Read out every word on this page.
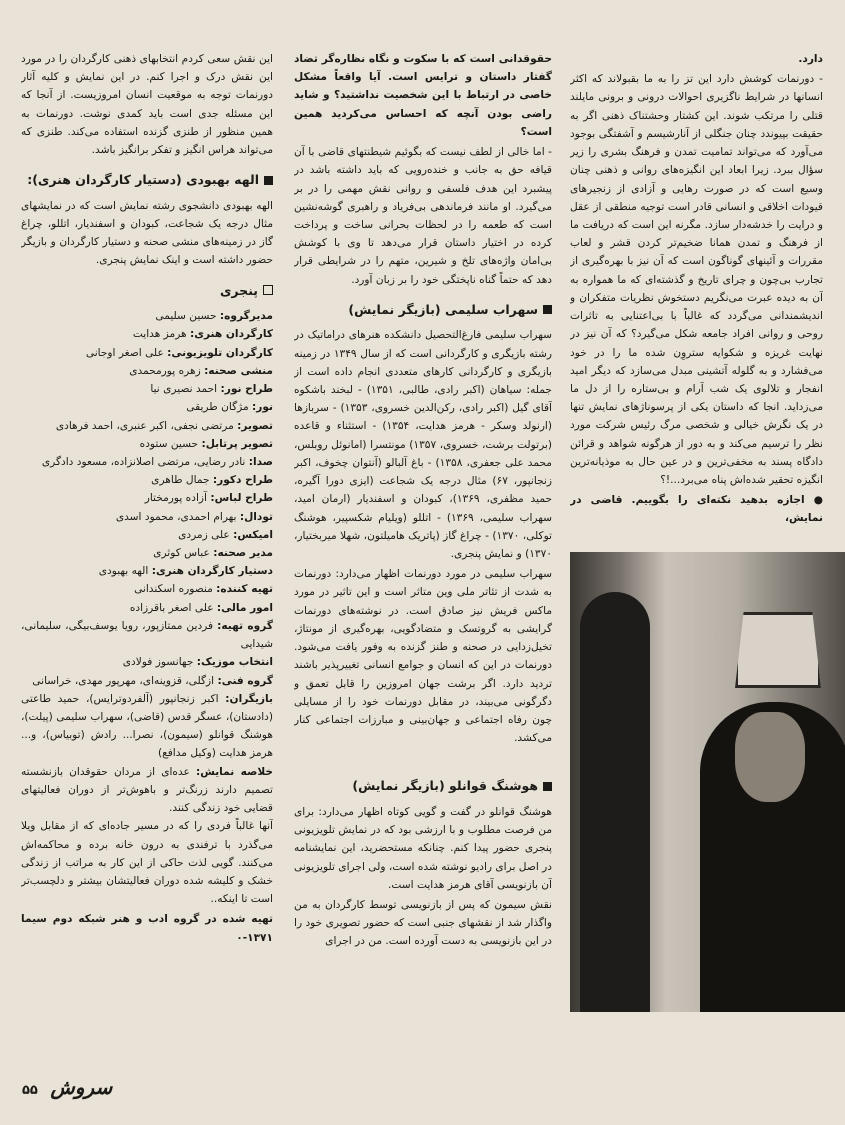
دارد.

- دورنمات کوشش دارد این تز را به ما بقبولاند که اکثر انسانها در شرایط ناگزیری احوالات درونی و برونی مایلند قتلی را مرتکب شوند. این کشتار وحشتناک ذهنی اگر به حقیقت بپیوندد چنان جنگلی از آنارشیسم و آشفتگی بوجود می‌آورد که می‌تواند تمامیت تمدن و فرهنگ بشری را زیر سؤال ببرد. زیرا ابعاد این انگیزه‌های روانی و ذهنی چنان وسیع است که در صورت رهایی و آزادی از زنجیرهای قیودات اخلاقی و انسانی قادر است توجیه منطقی از عقل و درایت را خدشه‌دار سازد. مگرنه این است که دریافت ما از فرهنگ و تمدن همانا ضخیم‌تر کردن قشر و لعاب مقررات و آئینهای گوناگون است که آن نیز با بهره‌گیری از تجارب بی‌چون و چرای تاریخ و گذشته‌ای که ما همواره به آن به دیده عبرت می‌نگریم دستخوش نظریات متفکران و اندیشمندانی می‌گردد که غالباً با بی‌اعتنایی به تاثرات روحی و روانی افراد جامعه شکل می‌گیرد؟ که آن نیز در نهایت غریزه و شکوایه ستروِن شده ما را در خود می‌فشارد و به گلوله آتشینی مبدل می‌سازد که دیگر امید انفجار و تلالوی یک شب آرام و بی‌ستاره را از دل ما می‌زداید. انجا که داستان یکی از پرسوناژهای نمایش تنها در یک نگرش خیالی و شخصی مرگ رئیس شرکت مورد نظر را ترسیم می‌کند و به دور از هرگونه شواهد و قرائن دادگاه پسند به مخفی‌ترین و در عین حال به موذیانه‌ترین انگیزه تحقیر شده‌اش پناه می‌برد...!؟

● اجازه بدهید نکته‌ای را بگوییم. قاضی در نمایش،

حقوقدانی است که با سکوت و نگاه نظاره‌گر تضاد گفتار داستان و ترایس است. آیا واقعاً مشکل خاصی در ارتباط با این شخصیت نداشتید؟ و شاید راضی بودن آنچه که احساس می‌کردید همین است؟

- اما خالی از لطف نیست که بگوئیم شیطنتهای قاضی با آن قیافه حق به جانب و خنده‌رویی که باید داشته باشد در پیشبرد این هدف فلسفی و روانی نقش مهمی را در بر می‌گیرد. او مانند فرماندهی بی‌فریاد و راهبری گوشه‌نشین است که طعمه را در لحظات بحرانی ساخت و پرداخت کرده در اختیار داستان قرار می‌دهد تا وی با کوشش بی‌امان واژه‌های تلخ و شیرین، متهم را در شرایطی قرار دهد که حتماً گناه ناپختگی خود را بر زبان آورد.

سهراب سلیمی (بازیگر نمایش)

سهراب سلیمی فارغ‌التحصیل دانشکده هنرهای دراماتیک در رشته بازیگری و کارگردانی است که از سال ۱۳۴۹ در زمینه بازیگری و کارگردانی کارهای متعددی انجام داده است از جمله: سیاهان (اکبر رادی، طالبی، ۱۳۵۱) - لبخند باشکوه آقای گیل (اکبر رادی، رکن‌الدین خسروی، ۱۳۵۳) - سربازها (ارنولد وسکر - هرمز هدایت، ۱۳۵۴) - استثناء و قاعده (برتولت برشت، خسروی، ۱۳۵۷) مونتسرا (امانوئل روبلس، محمد علی جعفری، ۱۳۵۸) - باغ آلبالو (آنتوان چخوف، اکبر زنجانپور، ۶۷) مثال درجه یک شجاعت (ایزی دورا آگیره، حمید مظفری، ۱۳۶۹)، کبودان و اسفندیار (ارمان امید، سهراب سلیمی، ۱۳۶۹) - اتللو (ویلیام شکسپیر، هوشنگ توکلی، ۱۳۷۰) - چراغ گاز (پاتریک هامیلتون، شهلا میربختیار، ۱۳۷۰) و نمایش پنجری.

سهراب سلیمی در مورد دورنمات اظهار می‌دارد: دورنمات به شدت از تئاتر ملی وین متاثر است و این تاثیر در مورد ماکس فریش نیز صادق است. در نوشته‌های دورنمات گرایشی به گروتسک و متضادگویی، بهره‌گیری از مونتاژ، تخیل‌زدایی در صحنه و طنز گزنده به وفور یافت می‌شود. دورنمات در این که انسان و جوامع انسانی تغییرپذیر باشند تردید دارد. اگر برشت جهان امروزین را قابل تعمق و دگرگونی می‌بیند، در مقابل دورنمات خود را از مسایلی چون رفاه اجتماعی و جهان‌بینی و مبارزات اجتماعی کنار می‌کشد.

هوشنگ قوانلو (بازیگر نمایش)

هوشنگ قوانلو در گفت و گویی کوتاه اظهار می‌دارد: برای من فرصت مطلوب و با ارزشی بود که در نمایش تلویزیونی پنجری حضور پیدا کنم. چنانکه مستحضرید، این نمایشنامه در اصل برای رادیو نوشته شده است، ولی اجرای تلویزیونی آن بازنویسی آقای هرمز هدایت است.

نقش سیمون که پس از بازنویسی توسط کارگردان به من واگذار شد از نقشهای جنبی است که حضور تصویری خود را در این بازنویسی به دست آورده است. من در اجرای

این نقش سعی کردم انتخابهای ذهنی کارگردان را در مورد این نقش درک و اجرا کنم. در این نمایش و کلیه آثار دورنمات توجه به موقعیت انسان امروزیست. از آنجا که این مسئله جدی است باید کمدی نوشت. دورنمات به همین منظور از طنزی گزنده استفاده می‌کند. طنزی که می‌تواند هراس انگیز و تفکر برانگیز باشد.

الهه بهبودی (دستیار کارگردان هنری):

الهه بهبودی دانشجوی رشته نمایش است که در نمایشهای مثال درجه یک شجاعت، کبودان و اسفندیار، اتللو، چراغ گاز در زمینه‌های منشی صحنه و دستیار کارگردان و بازیگر حضور داشته است و اینک نمایش پنجری.

پنجری

مدیرگروه: حسین سلیمی

کارگردان هنری: هرمز هدایت

کارگردان تلویزیونی: علی اصغر اوجانی

منشی صحنه: زهره پورمحمدی

طراح نور: احمد نصیری نیا

نور: مژگان طریقی

تصویر: مرتضی نجفی، اکبر عنبری، احمد فرهادی

تصویر پرتابل: حسین ستوده

صدا: نادر رضایی، مرتضی اصلانزاده، مسعود دادگری

طراح دکور: جمال طاهری

طراح لباس: آزاده پورمختار

تودال: بهرام احمدی، محمود اسدی

امیکس: علی زمردی

مدیر صحنه: عباس کوثری

دستیار کارگردان هنری: الهه بهبودی

تهیه کننده: منصوره اسکندانی

امور مالی: علی اصغر باقرزاده

گروه تهیه: فردین ممتازپور، رویا یوسف‌بیگی، سلیمانی، شیدایی

انتخاب موزیک: جهانسوز فولادی

گروه فنی: ازگلی، قزوینه‌ای، مهرپور مهدی، خراسانی

بازیگران: اکبر زنجانپور (آلفردوترایس)، حمید طاعتی (دادستان)، عسگر قدس (قاضی)، سهراب سلیمی (پیلت)، هوشنگ قوانلو (سیمون)، نصرا... رادش (توبیاس)، و... هرمز هدایت (وکیل مدافع)

خلاصه نمایش: عده‌ای از مردان حقوقدان بازنشسته تصمیم دارند زرنگ‌تر و باهوش‌تر از دوران فعالیتهای قضایی خود زندگی کنند.

آنها غالباً فردی را که در مسیر جاده‌ای که از مقابل ویلا می‌گذرد با ترفندی به درون خانه برده و محاکمه‌اش می‌کنند. گویی لذت حاکی از این کار به مراتب از زندگی خشک و کلیشه شده دوران فعالیتشان بیشتر و دلچسب‌تر است تا اینکه..

تهیه شده در گروه ادب و هنر شبکه دوم سیما ۱۳۷۱-۰

۵۵ سروش
